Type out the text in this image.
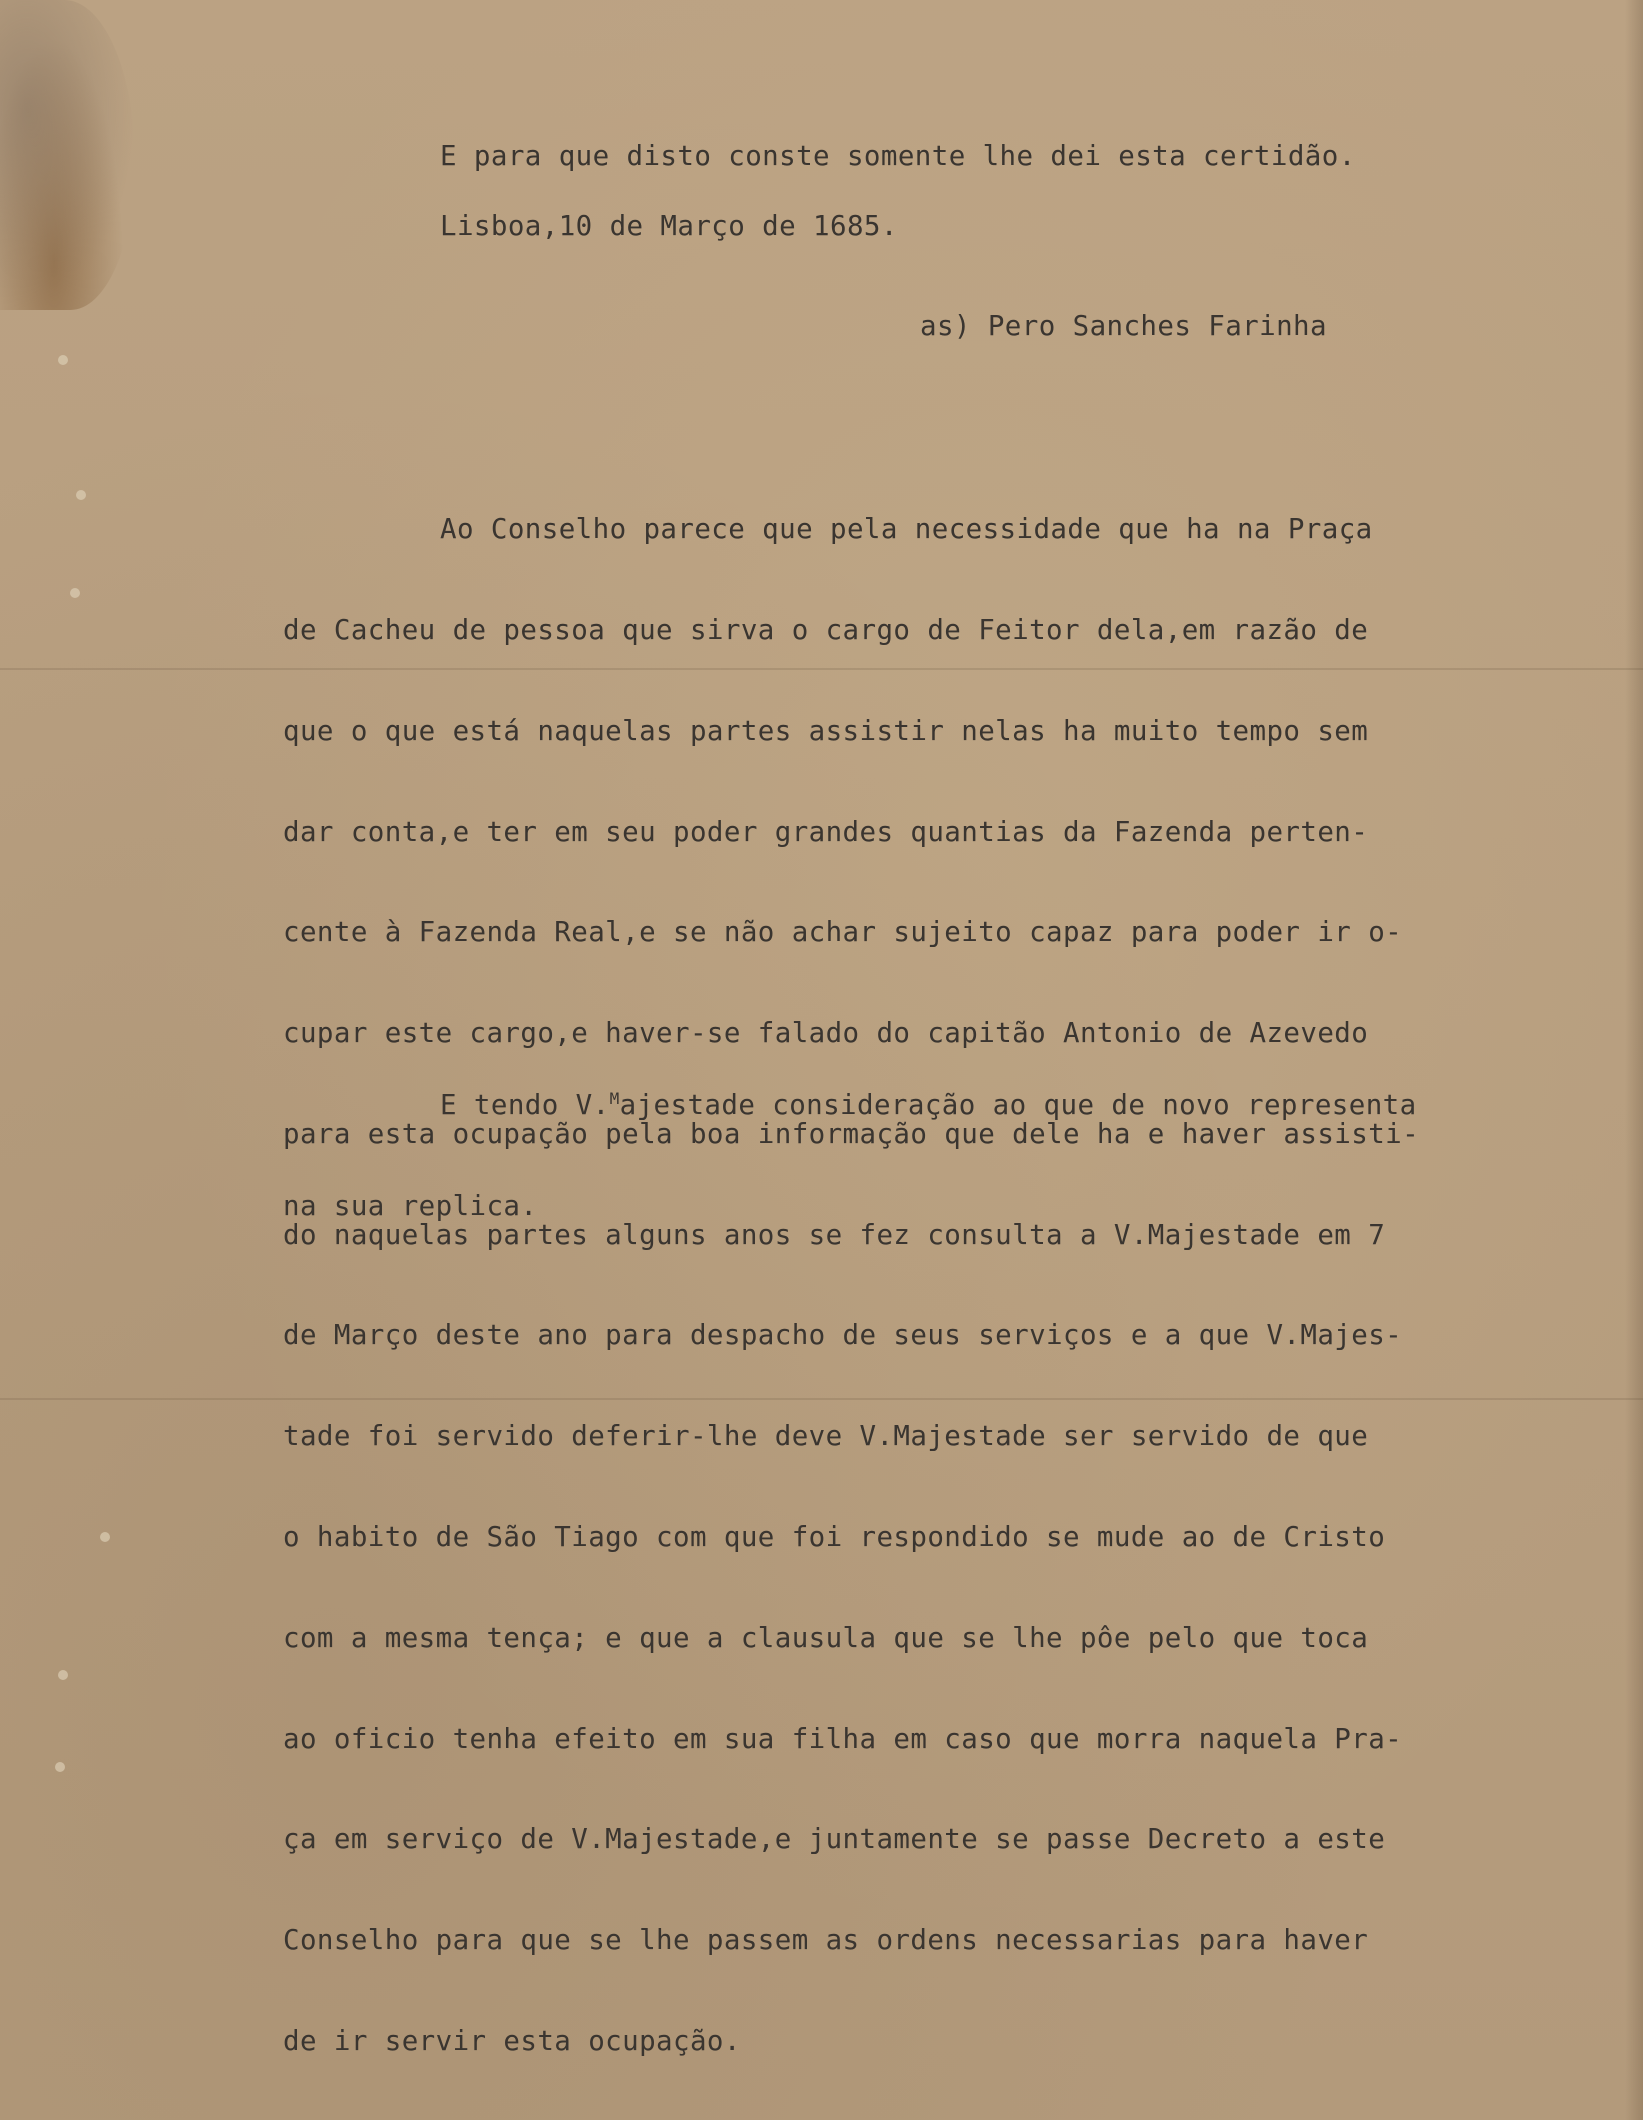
E para que disto conste somente lhe dei esta certidão.
Lisboa,10 de Março de 1685.
as) Pero Sanches Farinha

Ao Conselho parece que pela necessidade que ha na Praça

de Cacheu de pessoa que sirva o cargo de Feitor dela,em razão de

que o que está naquelas partes assistir nelas ha muito tempo sem

dar conta,e ter em seu poder grandes quantias da Fazenda perten-

cente à Fazenda Real,e se não achar sujeito capaz para poder ir o-

cupar este cargo,e haver-se falado do capitão Antonio de Azevedo

para esta ocupação pela boa informação que dele ha e haver assisti-

do naquelas partes alguns anos se fez consulta a V.Majestade em 7

de Março deste ano para despacho de seus serviços e a que V.Majes-

tade foi servido deferir-lhe deve V.Majestade ser servido de que

o habito de São Tiago com que foi respondido se mude ao de Cristo

com a mesma tença; e que a clausula que se lhe pôe pelo que toca

ao oficio tenha efeito em sua filha em caso que morra naquela Pra-

ça em serviço de V.Majestade,e juntamente se passe Decreto a este

Conselho para que se lhe passem as ordens necessarias para haver

de ir servir esta ocupação.

E tendo V.$^M$ajestade consideração ao que de novo representa

na sua replica.
